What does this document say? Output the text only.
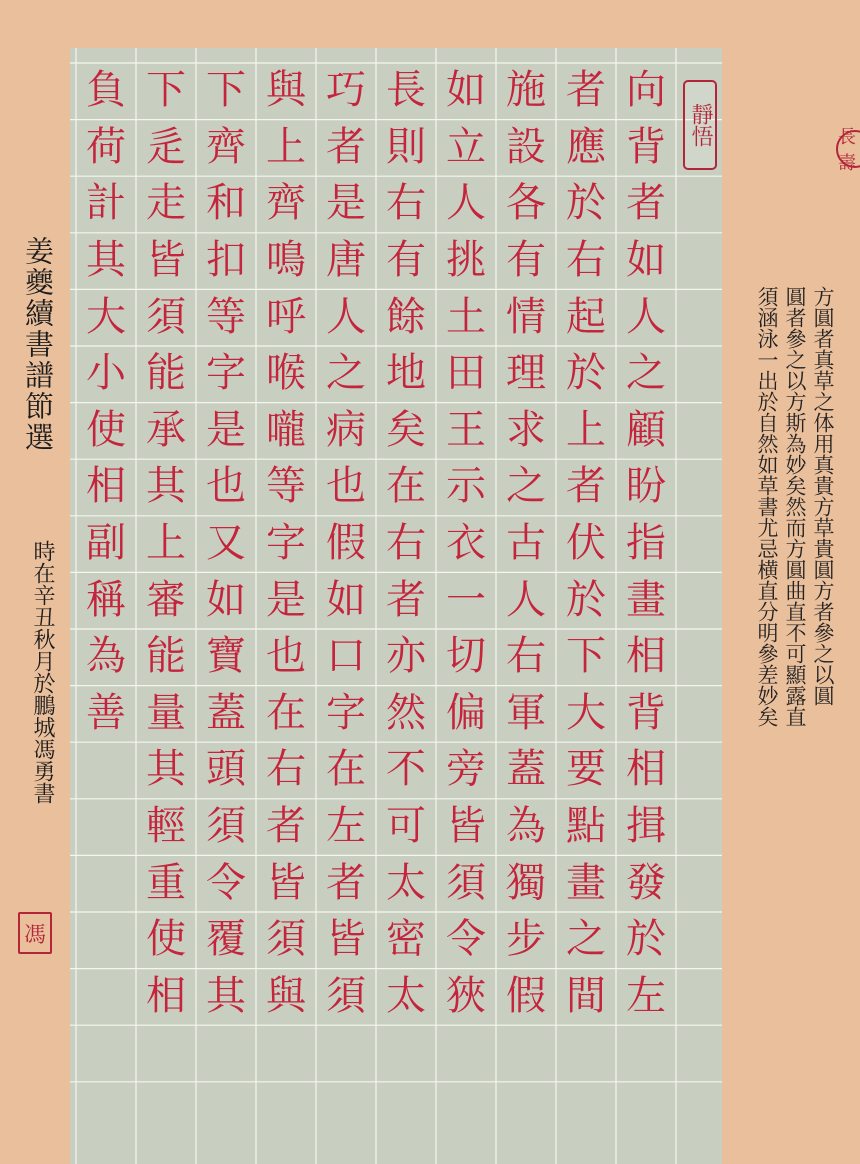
向
背
者
如
人
之
顧
盼
指
畫
相
背
相
揖
發
於
左
者
應
於
右
起
於
上
者
伏
於
下
大
要
點
畫
之
間
施
設
各
有
情
理
求
之
古
人
右
軍
蓋
為
獨
步
假
如
立
人
挑
土
田
王
示
衣
一
切
偏
旁
皆
須
令
狹
長
則
右
有
餘
地
矣
在
右
者
亦
然
不
可
太
密
太
巧
者
是
唐
人
之
病
也
假
如
口
字
在
左
者
皆
須
與
上
齊
鳴
呼
喉
嚨
等
字
是
也
在
右
者
皆
須
與
下
齊
和
扣
等
字
是
也
又
如
寶
蓋
頭
須
令
覆
其
下
辵
走
皆
須
能
承
其
上
審
能
量
其
輕
重
使
相
負
荷
計
其
大
小
使
相
副
稱
為
善
方圓者真草之体用真貴方草貴圓方者參之以圓
圓者參之以方斯為妙矣然而方圓曲直不可顯露直
須涵泳一出於自然如草書尤忌横直分明參差妙矣
姜夔續書譜節選
時在辛丑秋月於鵬城馮勇書
靜悟	長壽
馮
